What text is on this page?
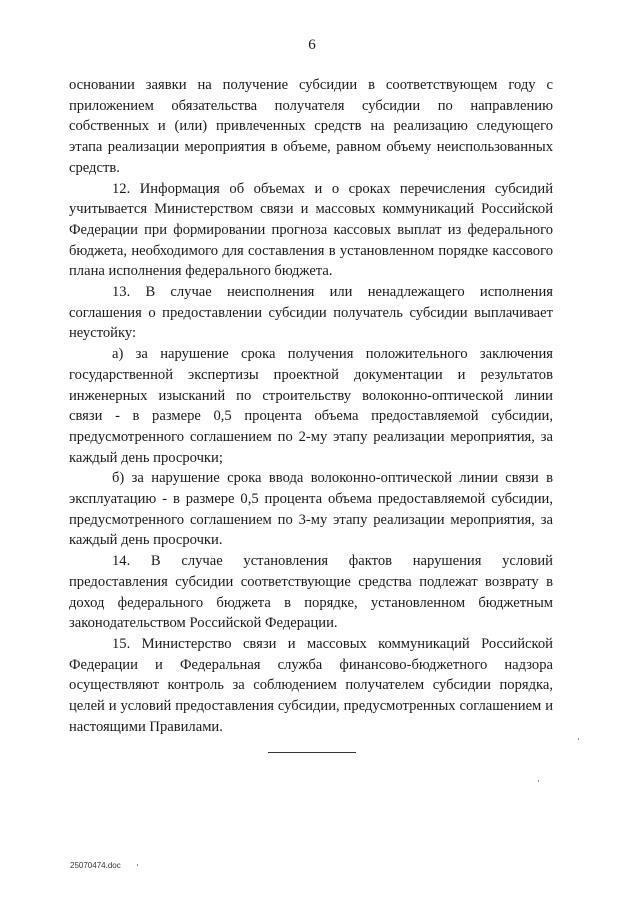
6

основании заявки на получение субсидии в соответствующем году с приложением обязательства получателя субсидии по направлению собственных и (или) привлеченных средств на реализацию следующего этапа реализации мероприятия в объеме, равном объему неиспользованных средств.

12. Информация об объемах и о сроках перечисления субсидий учитывается Министерством связи и массовых коммуникаций Российской Федерации при формировании прогноза кассовых выплат из федерального бюджета, необходимого для составления в установленном порядке кассового плана исполнения федерального бюджета.

13. В случае неисполнения или ненадлежащего исполнения соглашения о предоставлении субсидии получатель субсидии выплачивает неустойку:

а) за нарушение срока получения положительного заключения государственной экспертизы проектной документации и результатов инженерных изысканий по строительству волоконно-оптической линии связи - в размере 0,5 процента объема предоставляемой субсидии, предусмотренного соглашением по 2-му этапу реализации мероприятия, за каждый день просрочки;

б) за нарушение срока ввода волоконно-оптической линии связи в эксплуатацию - в размере 0,5 процента объема предоставляемой субсидии, предусмотренного соглашением по 3-му этапу реализации мероприятия, за каждый день просрочки.

14. В случае установления фактов нарушения условий предоставления субсидии соответствующие средства подлежат возврату в доход федерального бюджета в порядке, установленном бюджетным законодательством Российской Федерации.

15. Министерство связи и массовых коммуникаций Российской Федерации и Федеральная служба финансово-бюджетного надзора осуществляют контроль за соблюдением получателем субсидии порядка, целей и условий предоставления субсидии, предусмотренных соглашением и настоящими Правилами.

25070474.doc
